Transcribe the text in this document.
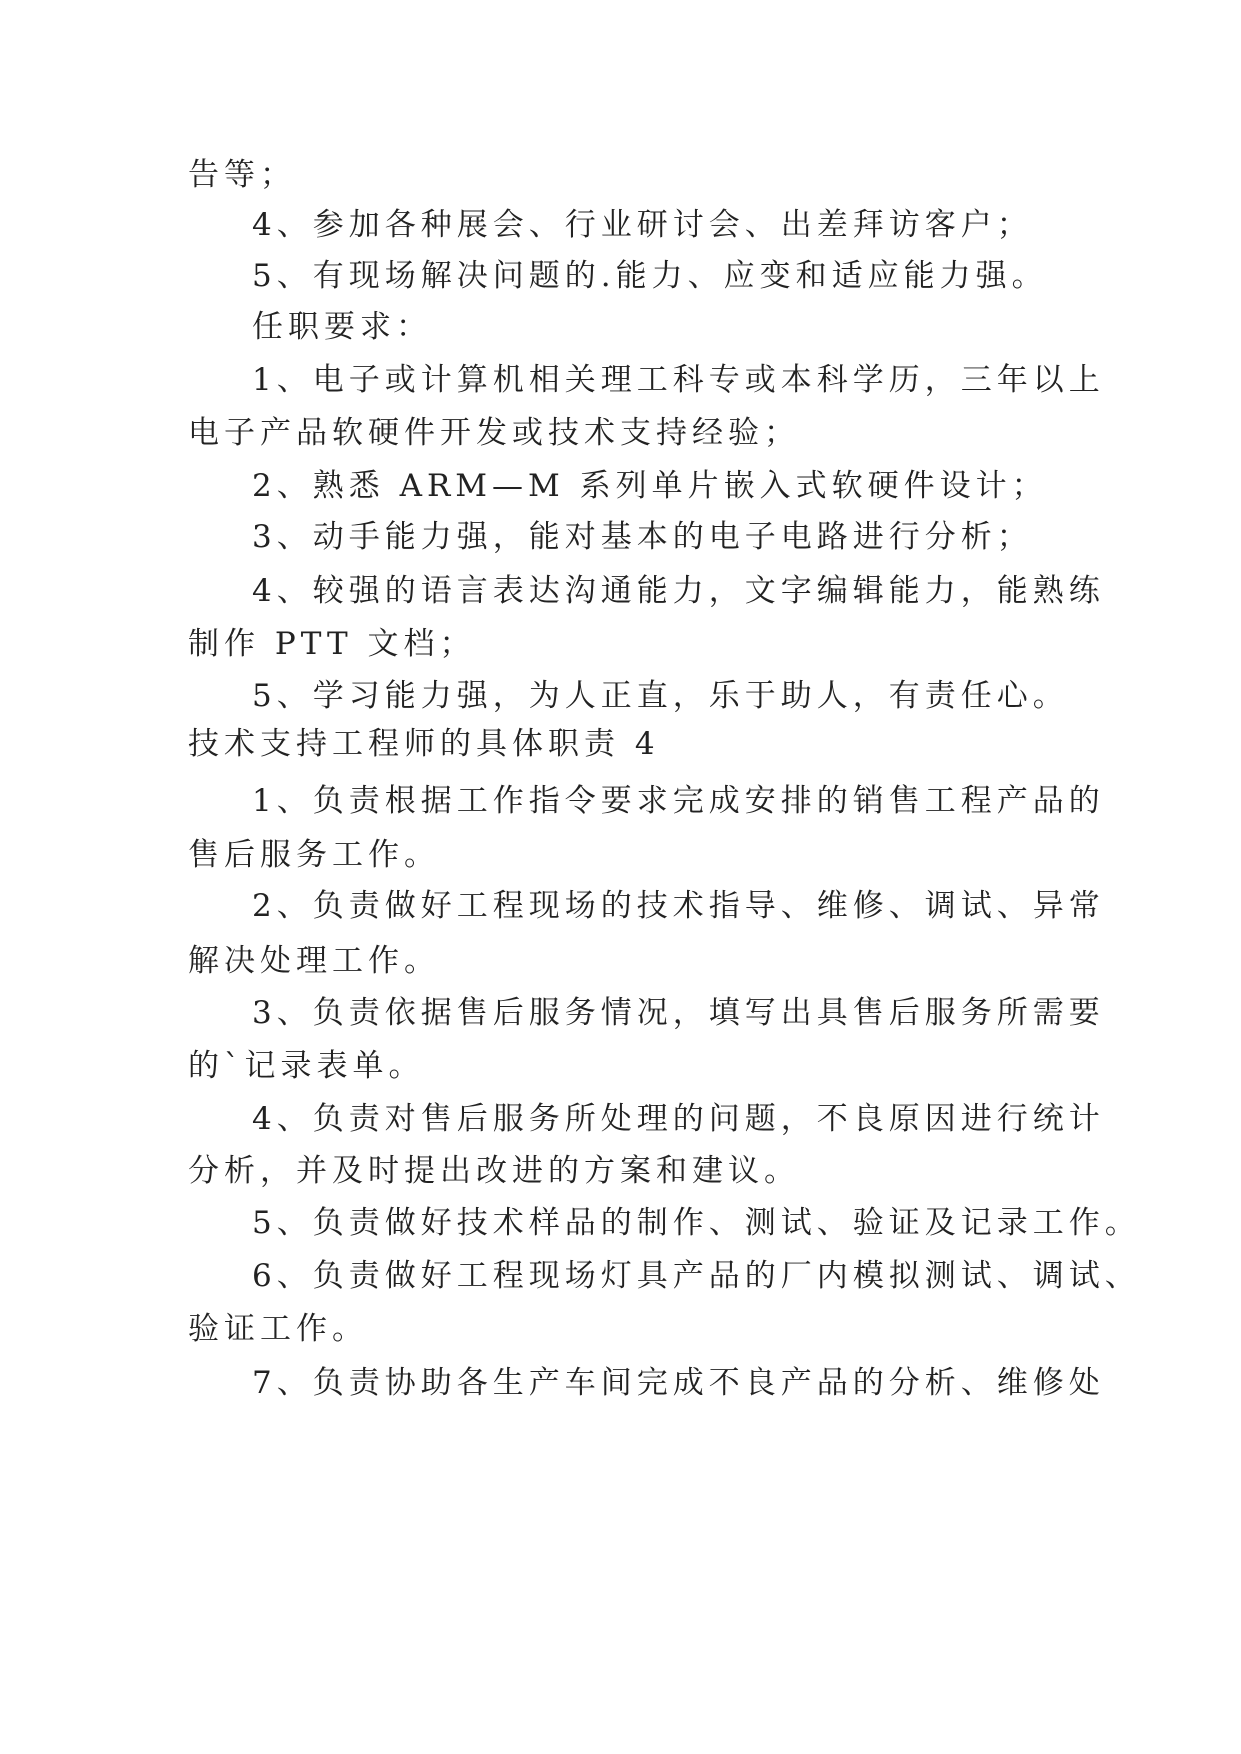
告等；
4、参加各种展会、行业研讨会、出差拜访客户；
5、有现场解决问题的.能力、应变和适应能力强。
任职要求：
1、电子或计算机相关理工科专或本科学历，三年以上
电子产品软硬件开发或技术支持经验；
2、熟悉 ARM—M 系列单片嵌入式软硬件设计；
3、动手能力强，能对基本的电子电路进行分析；
4、较强的语言表达沟通能力，文字编辑能力，能熟练
制作 PTT 文档；
5、学习能力强，为人正直，乐于助人，有责任心。
技术支持工程师的具体职责 4
1、负责根据工作指令要求完成安排的销售工程产品的
售后服务工作。
2、负责做好工程现场的技术指导、维修、调试、异常
解决处理工作。
3、负责依据售后服务情况，填写出具售后服务所需要
的`记录表单。
4、负责对售后服务所处理的问题，不良原因进行统计
分析，并及时提出改进的方案和建议。
5、负责做好技术样品的制作、测试、验证及记录工作。
6、负责做好工程现场灯具产品的厂内模拟测试、调试、
验证工作。
7、负责协助各生产车间完成不良产品的分析、维修处
